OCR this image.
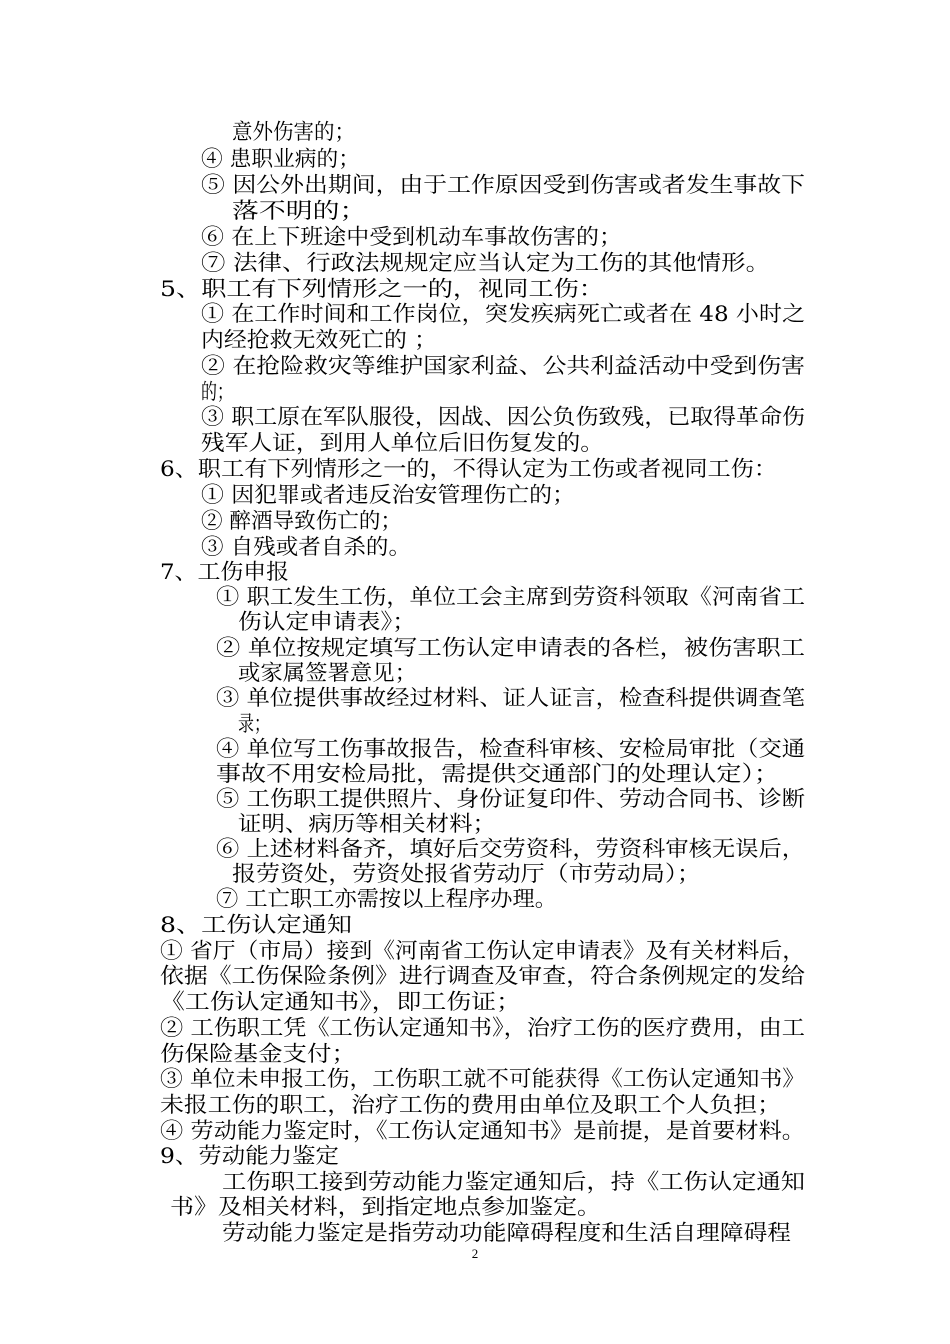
意外伤害的；
④ 患职业病的；
⑤ 因公外出期间，由于工作原因受到伤害或者发生事故下
落不明的；
⑥ 在上下班途中受到机动车事故伤害的；
⑦ 法律、行政法规规定应当认定为工伤的其他情形。
5、职工有下列情形之一的，视同工伤：
① 在工作时间和工作岗位，突发疾病死亡或者在 48 小时之
内经抢救无效死亡的 ；
② 在抢险救灾等维护国家利益、公共利益活动中受到伤害
的；
③ 职工原在军队服役，因战、因公负伤致残，已取得革命伤
残军人证，到用人单位后旧伤复发的。
6、职工有下列情形之一的，不得认定为工伤或者视同工伤：
① 因犯罪或者违反治安管理伤亡的；
② 醉酒导致伤亡的；
③ 自残或者自杀的。
7、工伤申报
① 职工发生工伤，单位工会主席到劳资科领取《河南省工
伤认定申请表》；
② 单位按规定填写工伤认定申请表的各栏，被伤害职工
或家属签署意见；
③ 单位提供事故经过材料、证人证言，检查科提供调查笔
录；
④ 单位写工伤事故报告，检查科审核、安检局审批（交通
事故不用安检局批，需提供交通部门的处理认定）；
⑤ 工伤职工提供照片、身份证复印件、劳动合同书、诊断
证明、病历等相关材料；
⑥ 上述材料备齐，填好后交劳资科，劳资科审核无误后，
报劳资处，劳资处报省劳动厅（市劳动局）；
⑦ 工亡职工亦需按以上程序办理。
8、工伤认定通知
① 省厅（市局）接到《河南省工伤认定申请表》及有关材料后，
依据《工伤保险条例》进行调查及审查，符合条例规定的发给
《工伤认定通知书》，即工伤证；
② 工伤职工凭《工伤认定通知书》，治疗工伤的医疗费用，由工
伤保险基金支付；
③ 单位未申报工伤，工伤职工就不可能获得《工伤认定通知书》
未报工伤的职工，治疗工伤的费用由单位及职工个人负担；
④ 劳动能力鉴定时，《工伤认定通知书》是前提，是首要材料。
9、劳动能力鉴定
工伤职工接到劳动能力鉴定通知后，持《工伤认定通知
书》及相关材料，到指定地点参加鉴定。
劳动能力鉴定是指劳动功能障碍程度和生活自理障碍程
2
